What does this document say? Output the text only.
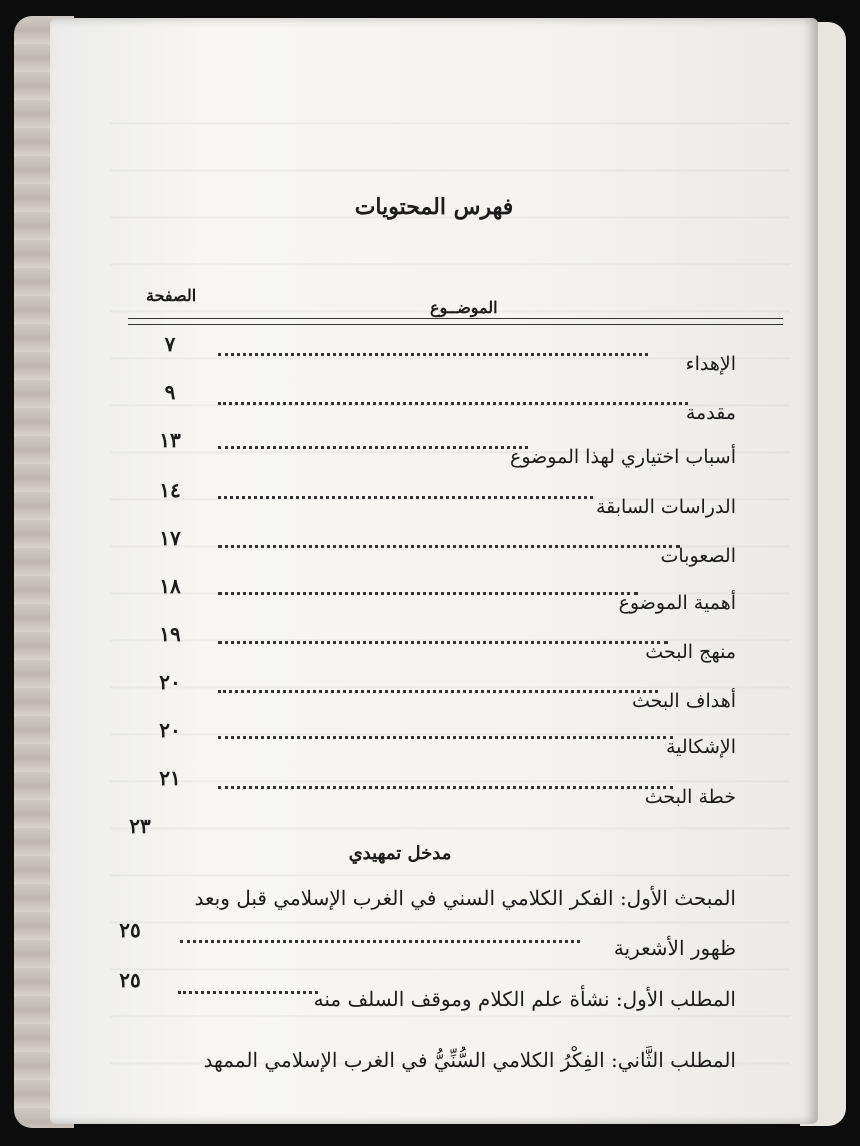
فهرس المحتويات
الصفحة
الموضــوع
٧
الإهداء
٩
مقدمة
١٣
أسباب اختياري لهذا الموضوع
١٤
الدراسات السابقة
١٧
الصعوبات
١٨
أهمية الموضوع
١٩
منهج البحث
٢٠
أهداف البحث
٢٠
الإشكالية
٢١
خطة البحث
٢٣
مدخل تمهيدي
المبحث الأول: الفكر الكلامي السني في الغرب الإسلامي قبل وبعد
٢٥
ظهور الأشعرية
٢٥
المطلب الأول: نشأة علم الكلام وموقف السلف منه
المطلب الثَّاني: الفِكْرُ الكلامي السُّنِّيُّ في الغرب الإسلامي الممهد
